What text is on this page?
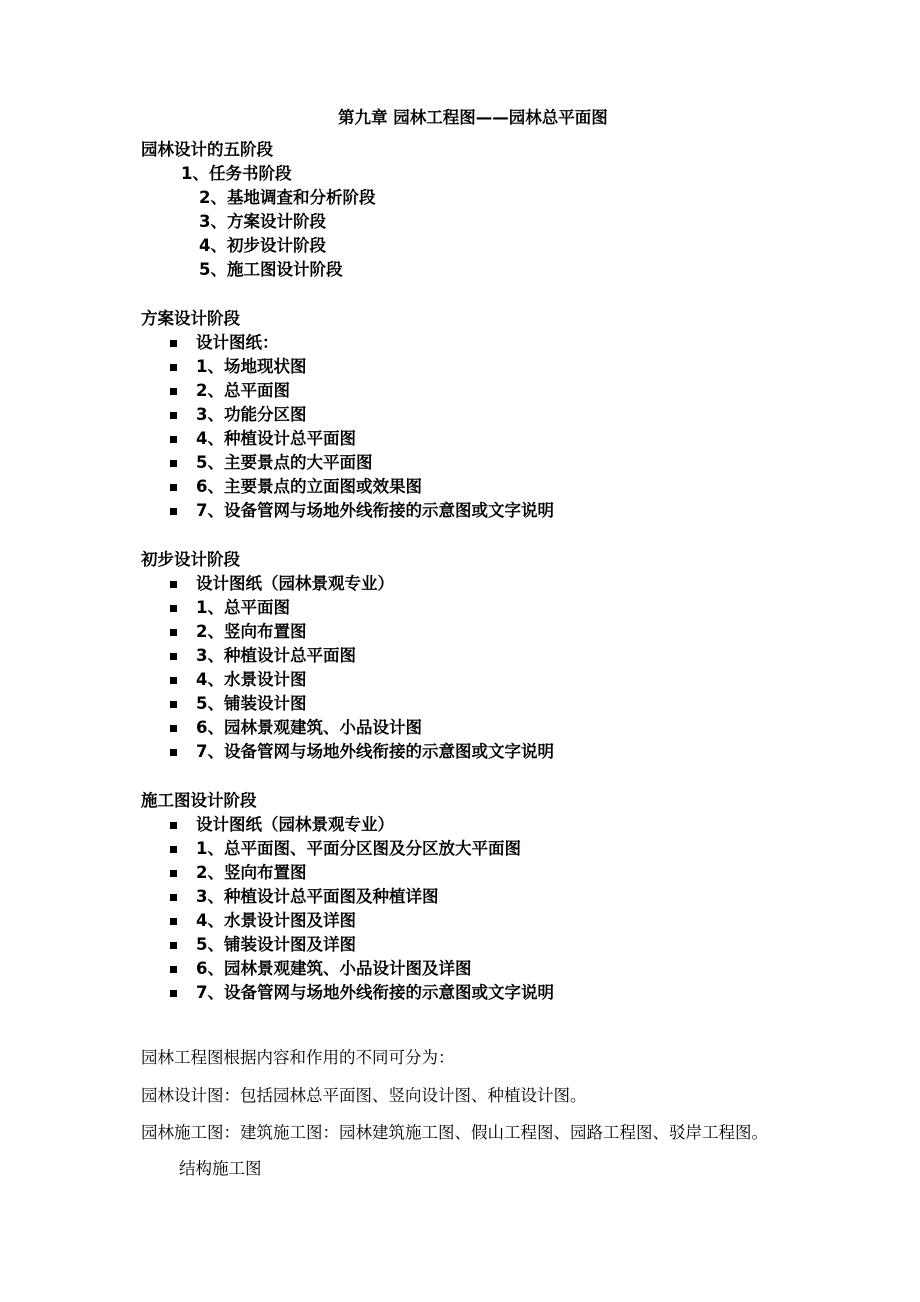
第九章 园林工程图——园林总平面图
园林设计的五阶段
1、任务书阶段
2、基地调查和分析阶段
3、方案设计阶段
4、初步设计阶段
5、施工图设计阶段
方案设计阶段
设计图纸：
1、场地现状图
2、总平面图
3、功能分区图
4、种植设计总平面图
5、主要景点的大平面图
6、主要景点的立面图或效果图
7、设备管网与场地外线衔接的示意图或文字说明
初步设计阶段
设计图纸（园林景观专业）
1、总平面图
2、竖向布置图
3、种植设计总平面图
4、水景设计图
5、铺装设计图
6、园林景观建筑、小品设计图
7、设备管网与场地外线衔接的示意图或文字说明
施工图设计阶段
设计图纸（园林景观专业）
1、总平面图、平面分区图及分区放大平面图
2、竖向布置图
3、种植设计总平面图及种植详图
4、水景设计图及详图
5、铺装设计图及详图
6、园林景观建筑、小品设计图及详图
7、设备管网与场地外线衔接的示意图或文字说明
园林工程图根据内容和作用的不同可分为：
园林设计图：包括园林总平面图、竖向设计图、种植设计图。
园林施工图：建筑施工图：园林建筑施工图、假山工程图、园路工程图、驳岸工程图。
结构施工图
